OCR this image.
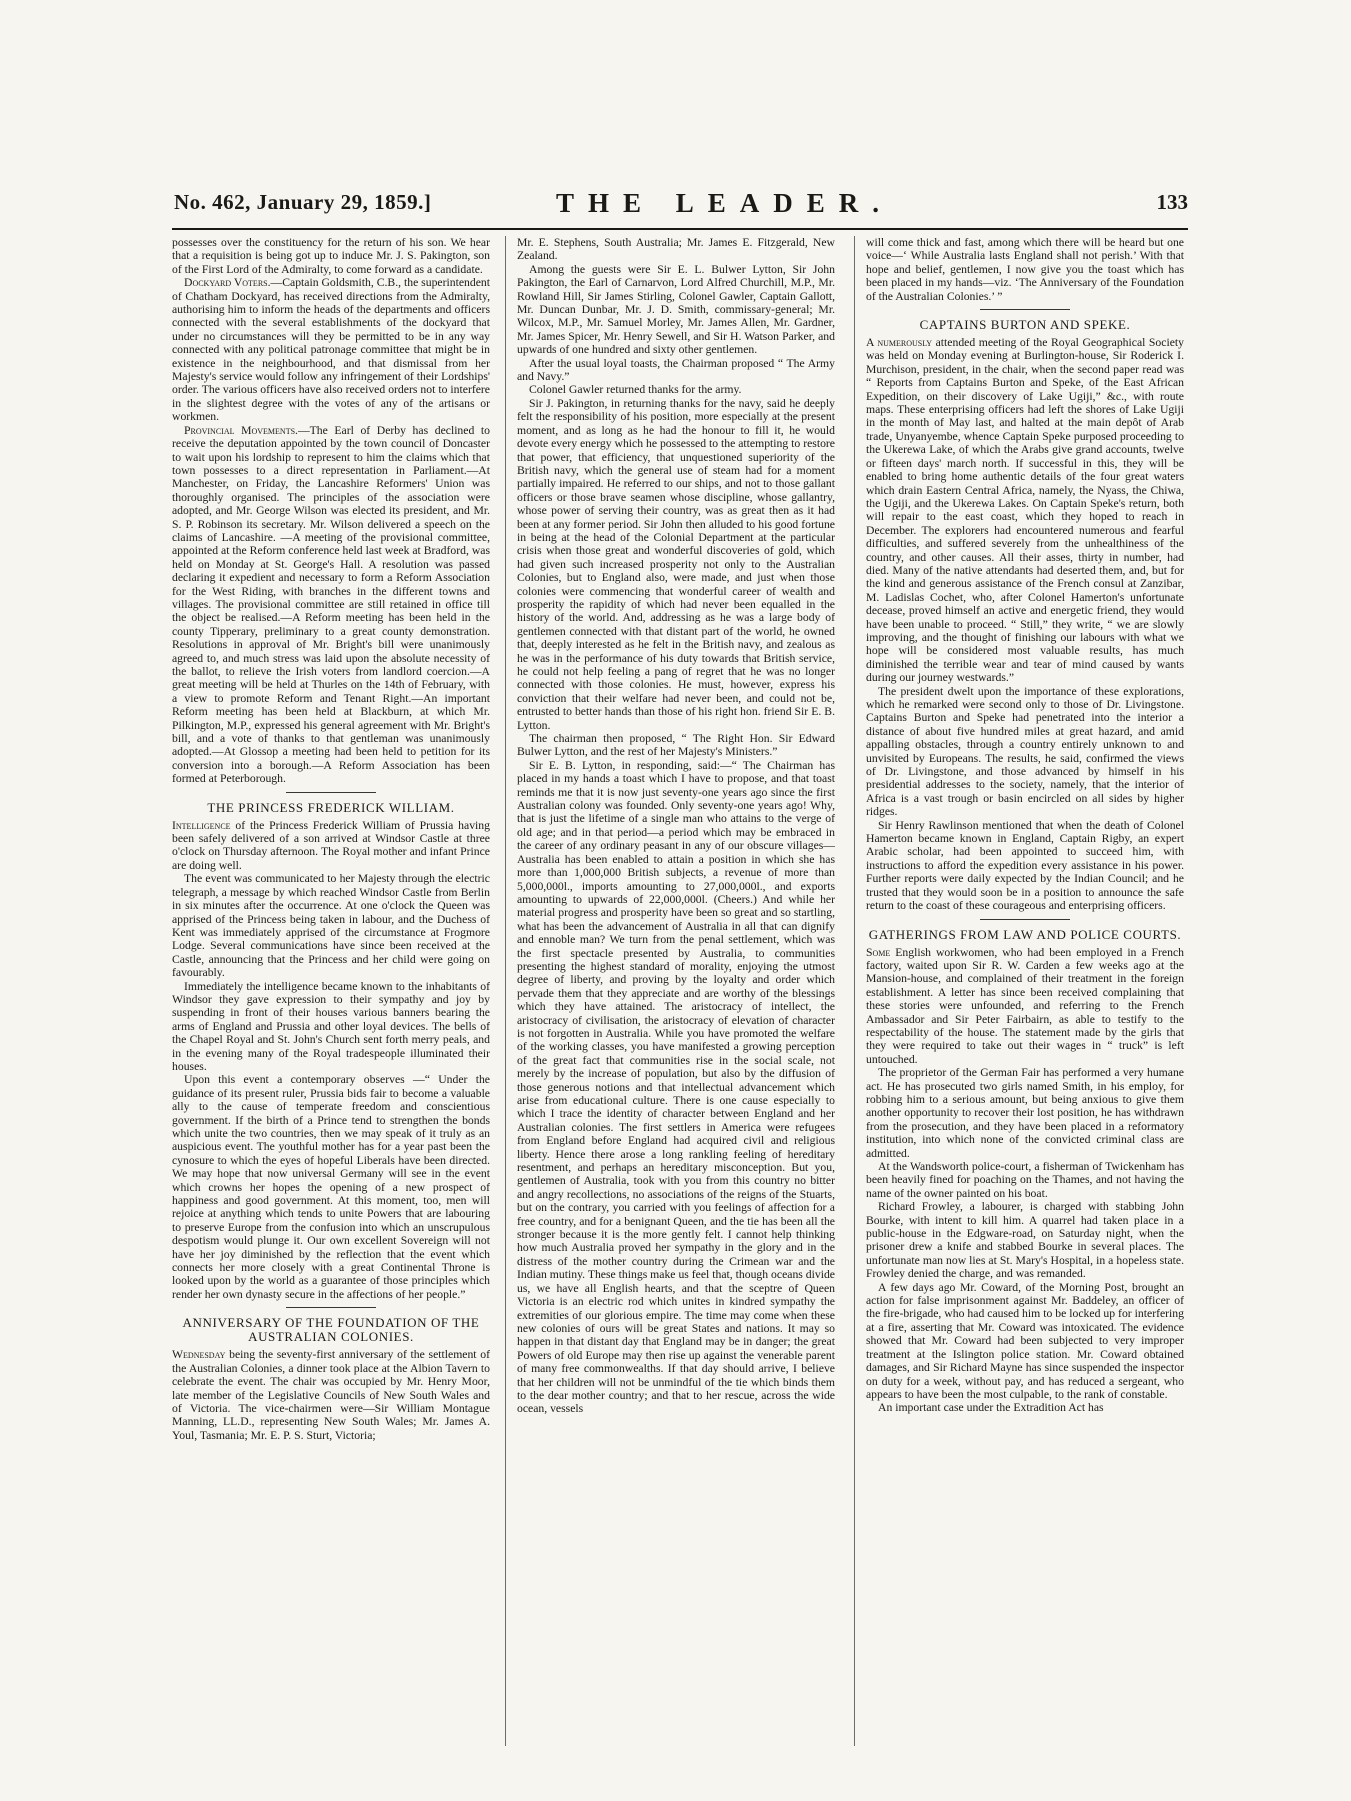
No. 462, January 29, 1859.]	THE LEADER.	133

possesses over the constituency for the return of his son. We hear that a requisition is being got up to induce Mr. J. S. Pakington, son of the First Lord of the Admiralty, to come forward as a candidate.

Dockyard Voters.—Captain Goldsmith, C.B., the superintendent of Chatham Dockyard, has received directions from the Admiralty, authorising him to inform the heads of the departments and officers connected with the several establishments of the dockyard that under no circumstances will they be permitted to be in any way connected with any political patronage committee that might be in existence in the neighbourhood, and that dismissal from her Majesty's service would follow any infringement of their Lordships' order. The various officers have also received orders not to interfere in the slightest degree with the votes of any of the artisans or workmen.

Provincial Movements.—The Earl of Derby has declined to receive the deputation appointed by the town council of Doncaster to wait upon his lordship to represent to him the claims which that town possesses to a direct representation in Parliament.—At Manchester, on Friday, the Lancashire Reformers' Union was thoroughly organised. The principles of the association were adopted, and Mr. George Wilson was elected its president, and Mr. S. P. Robinson its secretary. Mr. Wilson delivered a speech on the claims of Lancashire. —A meeting of the provisional committee, appointed at the Reform conference held last week at Bradford, was held on Monday at St. George's Hall. A resolution was passed declaring it expedient and necessary to form a Reform Association for the West Riding, with branches in the different towns and villages. The provisional committee are still retained in office till the object be realised.—A Reform meeting has been held in the county Tipperary, preliminary to a great county demonstration. Resolutions in approval of Mr. Bright's bill were unanimously agreed to, and much stress was laid upon the absolute necessity of the ballot, to relieve the Irish voters from landlord coercion.—A great meeting will be held at Thurles on the 14th of February, with a view to promote Reform and Tenant Right.—An important Reform meeting has been held at Blackburn, at which Mr. Pilkington, M.P., expressed his general agreement with Mr. Bright's bill, and a vote of thanks to that gentleman was unanimously adopted.—At Glossop a meeting had been held to petition for its conversion into a borough.—A Reform Association has been formed at Peterborough.

THE PRINCESS FREDERICK WILLIAM.

Intelligence of the Princess Frederick William of Prussia having been safely delivered of a son arrived at Windsor Castle at three o'clock on Thursday afternoon. The Royal mother and infant Prince are doing well.

The event was communicated to her Majesty through the electric telegraph, a message by which reached Windsor Castle from Berlin in six minutes after the occurrence. At one o'clock the Queen was apprised of the Princess being taken in labour, and the Duchess of Kent was immediately apprised of the circumstance at Frogmore Lodge. Several communications have since been received at the Castle, announcing that the Princess and her child were going on favourably.

Immediately the intelligence became known to the inhabitants of Windsor they gave expression to their sympathy and joy by suspending in front of their houses various banners bearing the arms of England and Prussia and other loyal devices. The bells of the Chapel Royal and St. John's Church sent forth merry peals, and in the evening many of the Royal tradespeople illuminated their houses.

Upon this event a contemporary observes —“ Under the guidance of its present ruler, Prussia bids fair to become a valuable ally to the cause of temperate freedom and conscientious government. If the birth of a Prince tend to strengthen the bonds which unite the two countries, then we may speak of it truly as an auspicious event. The youthful mother has for a year past been the cynosure to which the eyes of hopeful Liberals have been directed. We may hope that now universal Germany will see in the event which crowns her hopes the opening of a new prospect of happiness and good government. At this moment, too, men will rejoice at anything which tends to unite Powers that are labouring to preserve Europe from the confusion into which an unscrupulous despotism would plunge it. Our own excellent Sovereign will not have her joy diminished by the reflection that the event which connects her more closely with a great Continental Throne is looked upon by the world as a guarantee of those principles which render her own dynasty secure in the affections of her people.”

ANNIVERSARY OF THE FOUNDATION OF THE AUSTRALIAN COLONIES.

Wednesday being the seventy-first anniversary of the settlement of the Australian Colonies, a dinner took place at the Albion Tavern to celebrate the event. The chair was occupied by Mr. Henry Moor, late member of the Legislative Councils of New South Wales and of Victoria. The vice-chairmen were—Sir William Montague Manning, LL.D., representing New South Wales; Mr. James A. Youl, Tasmania; Mr. E. P. S. Sturt, Victoria;

Mr. E. Stephens, South Australia; Mr. James E. Fitzgerald, New Zealand.

Among the guests were Sir E. L. Bulwer Lytton, Sir John Pakington, the Earl of Carnarvon, Lord Alfred Churchill, M.P., Mr. Rowland Hill, Sir James Stirling, Colonel Gawler, Captain Gallott, Mr. Duncan Dunbar, Mr. J. D. Smith, commissary-general; Mr. Wilcox, M.P., Mr. Samuel Morley, Mr. James Allen, Mr. Gardner, Mr. James Spicer, Mr. Henry Sewell, and Sir H. Watson Parker, and upwards of one hundred and sixty other gentlemen.

After the usual loyal toasts, the Chairman proposed “ The Army and Navy.”

Colonel Gawler returned thanks for the army.

Sir J. Pakington, in returning thanks for the navy, said he deeply felt the responsibility of his position, more especially at the present moment, and as long as he had the honour to fill it, he would devote every energy which he possessed to the attempting to restore that power, that efficiency, that unquestioned superiority of the British navy, which the general use of steam had for a moment partially impaired. He referred to our ships, and not to those gallant officers or those brave seamen whose discipline, whose gallantry, whose power of serving their country, was as great then as it had been at any former period. Sir John then alluded to his good fortune in being at the head of the Colonial Department at the particular crisis when those great and wonderful discoveries of gold, which had given such increased prosperity not only to the Australian Colonies, but to England also, were made, and just when those colonies were commencing that wonderful career of wealth and prosperity the rapidity of which had never been equalled in the history of the world. And, addressing as he was a large body of gentlemen connected with that distant part of the world, he owned that, deeply interested as he felt in the British navy, and zealous as he was in the performance of his duty towards that British service, he could not help feeling a pang of regret that he was no longer connected with those colonies. He must, however, express his conviction that their welfare had never been, and could not be, entrusted to better hands than those of his right hon. friend Sir E. B. Lytton.

The chairman then proposed, “ The Right Hon. Sir Edward Bulwer Lytton, and the rest of her Majesty's Ministers.”

Sir E. B. Lytton, in responding, said:—“ The Chairman has placed in my hands a toast which I have to propose, and that toast reminds me that it is now just seventy-one years ago since the first Australian colony was founded. Only seventy-one years ago! Why, that is just the lifetime of a single man who attains to the verge of old age; and in that period—a period which may be embraced in the career of any ordinary peasant in any of our obscure villages—Australia has been enabled to attain a position in which she has more than 1,000,000 British subjects, a revenue of more than 5,000,000l., imports amounting to 27,000,000l., and exports amounting to upwards of 22,000,000l. (Cheers.) And while her material progress and prosperity have been so great and so startling, what has been the advancement of Australia in all that can dignify and ennoble man? We turn from the penal settlement, which was the first spectacle presented by Australia, to communities presenting the highest standard of morality, enjoying the utmost degree of liberty, and proving by the loyalty and order which pervade them that they appreciate and are worthy of the blessings which they have attained. The aristocracy of intellect, the aristocracy of civilisation, the aristocracy of elevation of character is not forgotten in Australia. While you have promoted the welfare of the working classes, you have manifested a growing perception of the great fact that communities rise in the social scale, not merely by the increase of population, but also by the diffusion of those generous notions and that intellectual advancement which arise from educational culture. There is one cause especially to which I trace the identity of character between England and her Australian colonies. The first settlers in America were refugees from England before England had acquired civil and religious liberty. Hence there arose a long rankling feeling of hereditary resentment, and perhaps an hereditary misconception. But you, gentlemen of Australia, took with you from this country no bitter and angry recollections, no associations of the reigns of the Stuarts, but on the contrary, you carried with you feelings of affection for a free country, and for a benignant Queen, and the tie has been all the stronger because it is the more gently felt. I cannot help thinking how much Australia proved her sympathy in the glory and in the distress of the mother country during the Crimean war and the Indian mutiny. These things make us feel that, though oceans divide us, we have all English hearts, and that the sceptre of Queen Victoria is an electric rod which unites in kindred sympathy the extremities of our glorious empire. The time may come when these new colonies of ours will be great States and nations. It may so happen in that distant day that England may be in danger; the great Powers of old Europe may then rise up against the venerable parent of many free commonwealths. If that day should arrive, I believe that her children will not be unmindful of the tie which binds them to the dear mother country; and that to her rescue, across the wide ocean, vessels

will come thick and fast, among which there will be heard but one voice—‘ While Australia lasts England shall not perish.’ With that hope and belief, gentlemen, I now give you the toast which has been placed in my hands—viz. ‘The Anniversary of the Foundation of the Australian Colonies.’ ”

CAPTAINS BURTON AND SPEKE.

A numerously attended meeting of the Royal Geographical Society was held on Monday evening at Burlington-house, Sir Roderick I. Murchison, president, in the chair, when the second paper read was “ Reports from Captains Burton and Speke, of the East African Expedition, on their discovery of Lake Ugiji,” &c., with route maps. These enterprising officers had left the shores of Lake Ugiji in the month of May last, and halted at the main depôt of Arab trade, Unyanyembe, whence Captain Speke purposed proceeding to the Ukerewa Lake, of which the Arabs give grand accounts, twelve or fifteen days' march north. If successful in this, they will be enabled to bring home authentic details of the four great waters which drain Eastern Central Africa, namely, the Nyass, the Chiwa, the Ugiji, and the Ukerewa Lakes. On Captain Speke's return, both will repair to the east coast, which they hoped to reach in December. The explorers had encountered numerous and fearful difficulties, and suffered severely from the unhealthiness of the country, and other causes. All their asses, thirty in number, had died. Many of the native attendants had deserted them, and, but for the kind and generous assistance of the French consul at Zanzibar, M. Ladislas Cochet, who, after Colonel Hamerton's unfortunate decease, proved himself an active and energetic friend, they would have been unable to proceed. “ Still,” they write, “ we are slowly improving, and the thought of finishing our labours with what we hope will be considered most valuable results, has much diminished the terrible wear and tear of mind caused by wants during our journey westwards.”

The president dwelt upon the importance of these explorations, which he remarked were second only to those of Dr. Livingstone. Captains Burton and Speke had penetrated into the interior a distance of about five hundred miles at great hazard, and amid appalling obstacles, through a country entirely unknown to and unvisited by Europeans. The results, he said, confirmed the views of Dr. Livingstone, and those advanced by himself in his presidential addresses to the society, namely, that the interior of Africa is a vast trough or basin encircled on all sides by higher ridges.

Sir Henry Rawlinson mentioned that when the death of Colonel Hamerton became known in England, Captain Rigby, an expert Arabic scholar, had been appointed to succeed him, with instructions to afford the expedition every assistance in his power. Further reports were daily expected by the Indian Council; and he trusted that they would soon be in a position to announce the safe return to the coast of these courageous and enterprising officers.

GATHERINGS FROM LAW AND POLICE COURTS.

Some English workwomen, who had been employed in a French factory, waited upon Sir R. W. Carden a few weeks ago at the Mansion-house, and complained of their treatment in the foreign establishment. A letter has since been received complaining that these stories were unfounded, and referring to the French Ambassador and Sir Peter Fairbairn, as able to testify to the respectability of the house. The statement made by the girls that they were required to take out their wages in “ truck” is left untouched.

The proprietor of the German Fair has performed a very humane act. He has prosecuted two girls named Smith, in his employ, for robbing him to a serious amount, but being anxious to give them another opportunity to recover their lost position, he has withdrawn from the prosecution, and they have been placed in a reformatory institution, into which none of the convicted criminal class are admitted.

At the Wandsworth police-court, a fisherman of Twickenham has been heavily fined for poaching on the Thames, and not having the name of the owner painted on his boat.

Richard Frowley, a labourer, is charged with stabbing John Bourke, with intent to kill him. A quarrel had taken place in a public-house in the Edgware-road, on Saturday night, when the prisoner drew a knife and stabbed Bourke in several places. The unfortunate man now lies at St. Mary's Hospital, in a hopeless state. Frowley denied the charge, and was remanded.

A few days ago Mr. Coward, of the Morning Post, brought an action for false imprisonment against Mr. Baddeley, an officer of the fire-brigade, who had caused him to be locked up for interfering at a fire, asserting that Mr. Coward was intoxicated. The evidence showed that Mr. Coward had been subjected to very improper treatment at the Islington police station. Mr. Coward obtained damages, and Sir Richard Mayne has since suspended the inspector on duty for a week, without pay, and has reduced a sergeant, who appears to have been the most culpable, to the rank of constable.

An important case under the Extradition Act has
